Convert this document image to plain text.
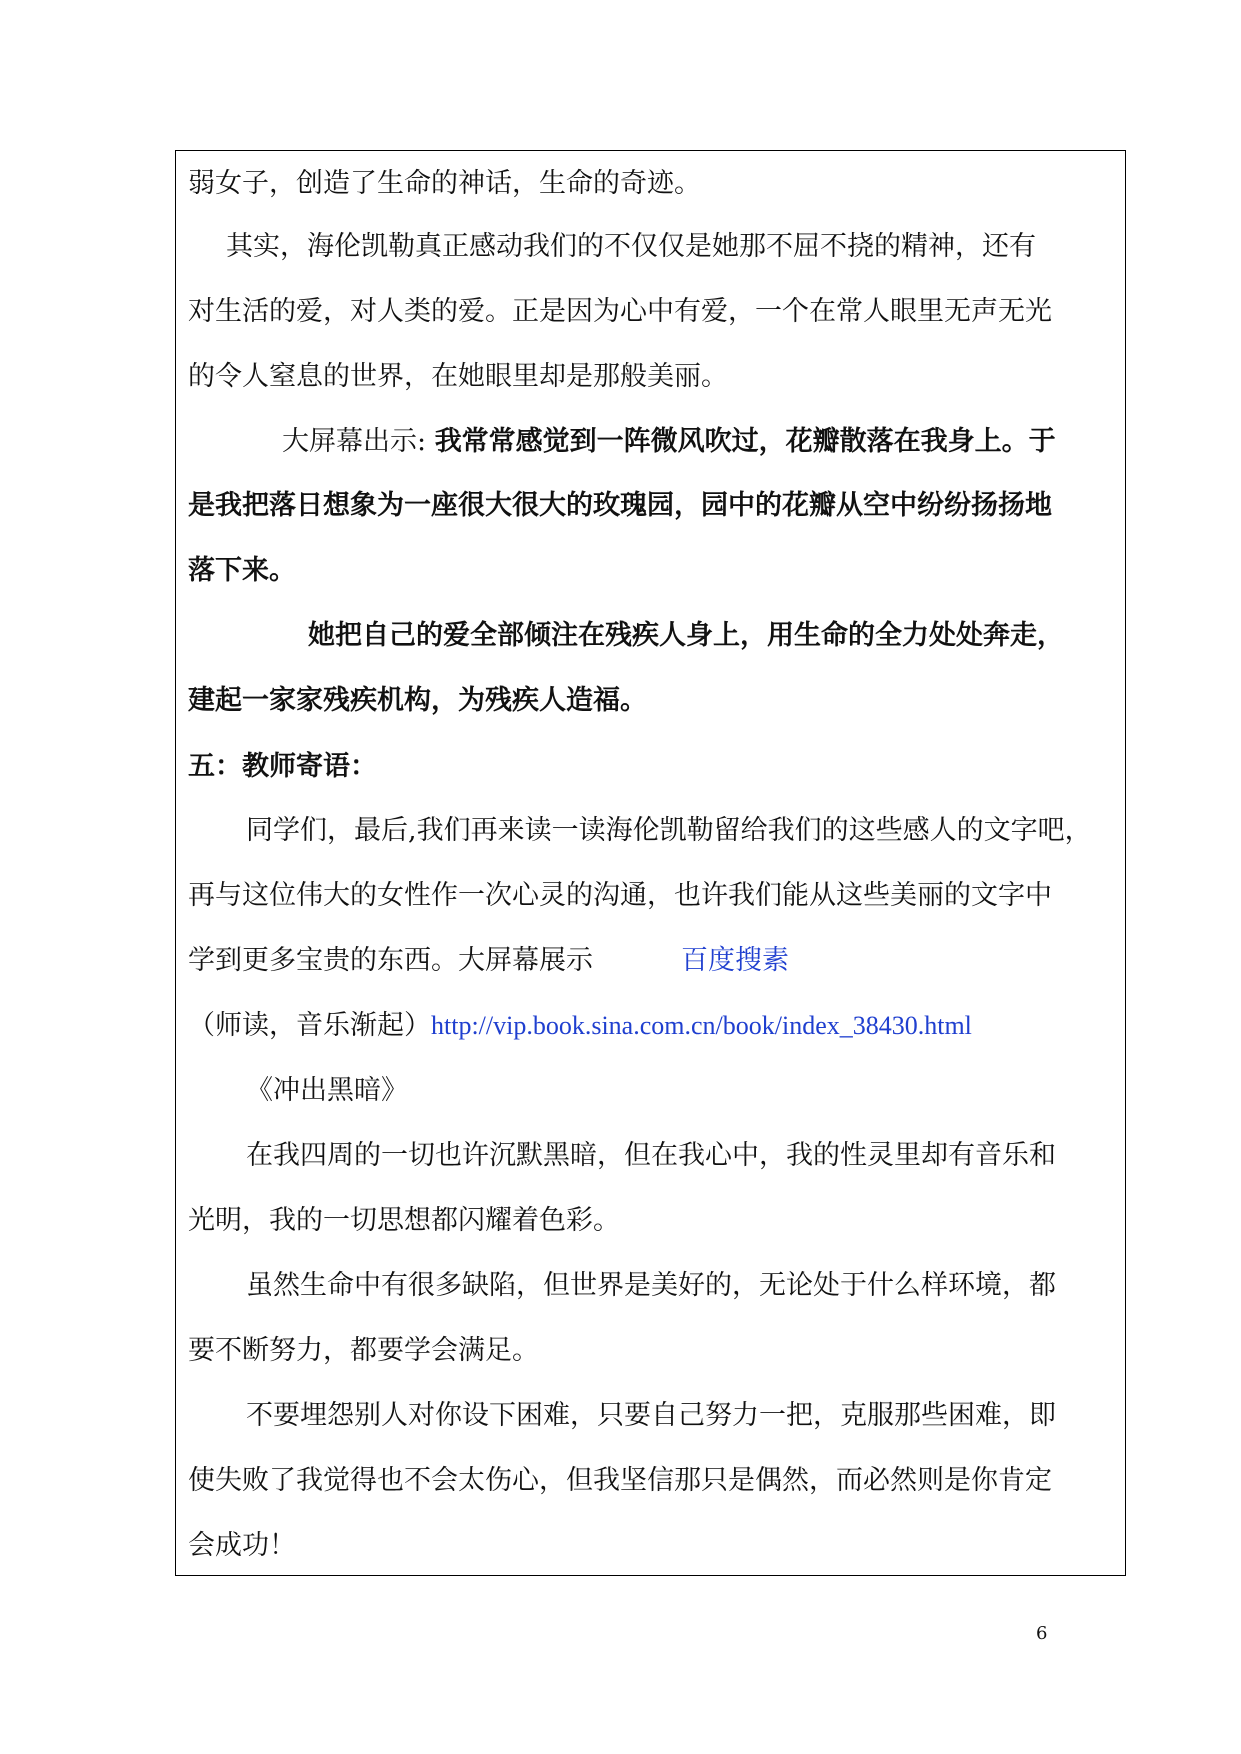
弱女子，创造了生命的神话，生命的奇迹。
其实，海伦凯勒真正感动我们的不仅仅是她那不屈不挠的精神，还有
对生活的爱，对人类的爱。正是因为心中有爱，一个在常人眼里无声无光
的令人窒息的世界，在她眼里却是那般美丽。
大屏幕出示: 我常常感觉到一阵微风吹过，花瓣散落在我身上。于
是我把落日想象为一座很大很大的玫瑰园，园中的花瓣从空中纷纷扬扬地
落下来。
她把自己的爱全部倾注在残疾人身上，用生命的全力处处奔走，
建起一家家残疾机构，为残疾人造福。
五：教师寄语：
同学们，最后,我们再来读一读海伦凯勒留给我们的这些感人的文字吧，
再与这位伟大的女性作一次心灵的沟通，也许我们能从这些美丽的文字中
学到更多宝贵的东西。大屏幕展示	百度搜素
（师读，音乐渐起）http://vip.book.sina.com.cn/book/index_38430.html
《冲出黑暗》
在我四周的一切也许沉默黑暗，但在我心中，我的性灵里却有音乐和
光明，我的一切思想都闪耀着色彩。
虽然生命中有很多缺陷，但世界是美好的，无论处于什么样环境，都
要不断努力，都要学会满足。
不要埋怨别人对你设下困难，只要自己努力一把，克服那些困难，即
使失败了我觉得也不会太伤心，但我坚信那只是偶然，而必然则是你肯定
会成功！
6
